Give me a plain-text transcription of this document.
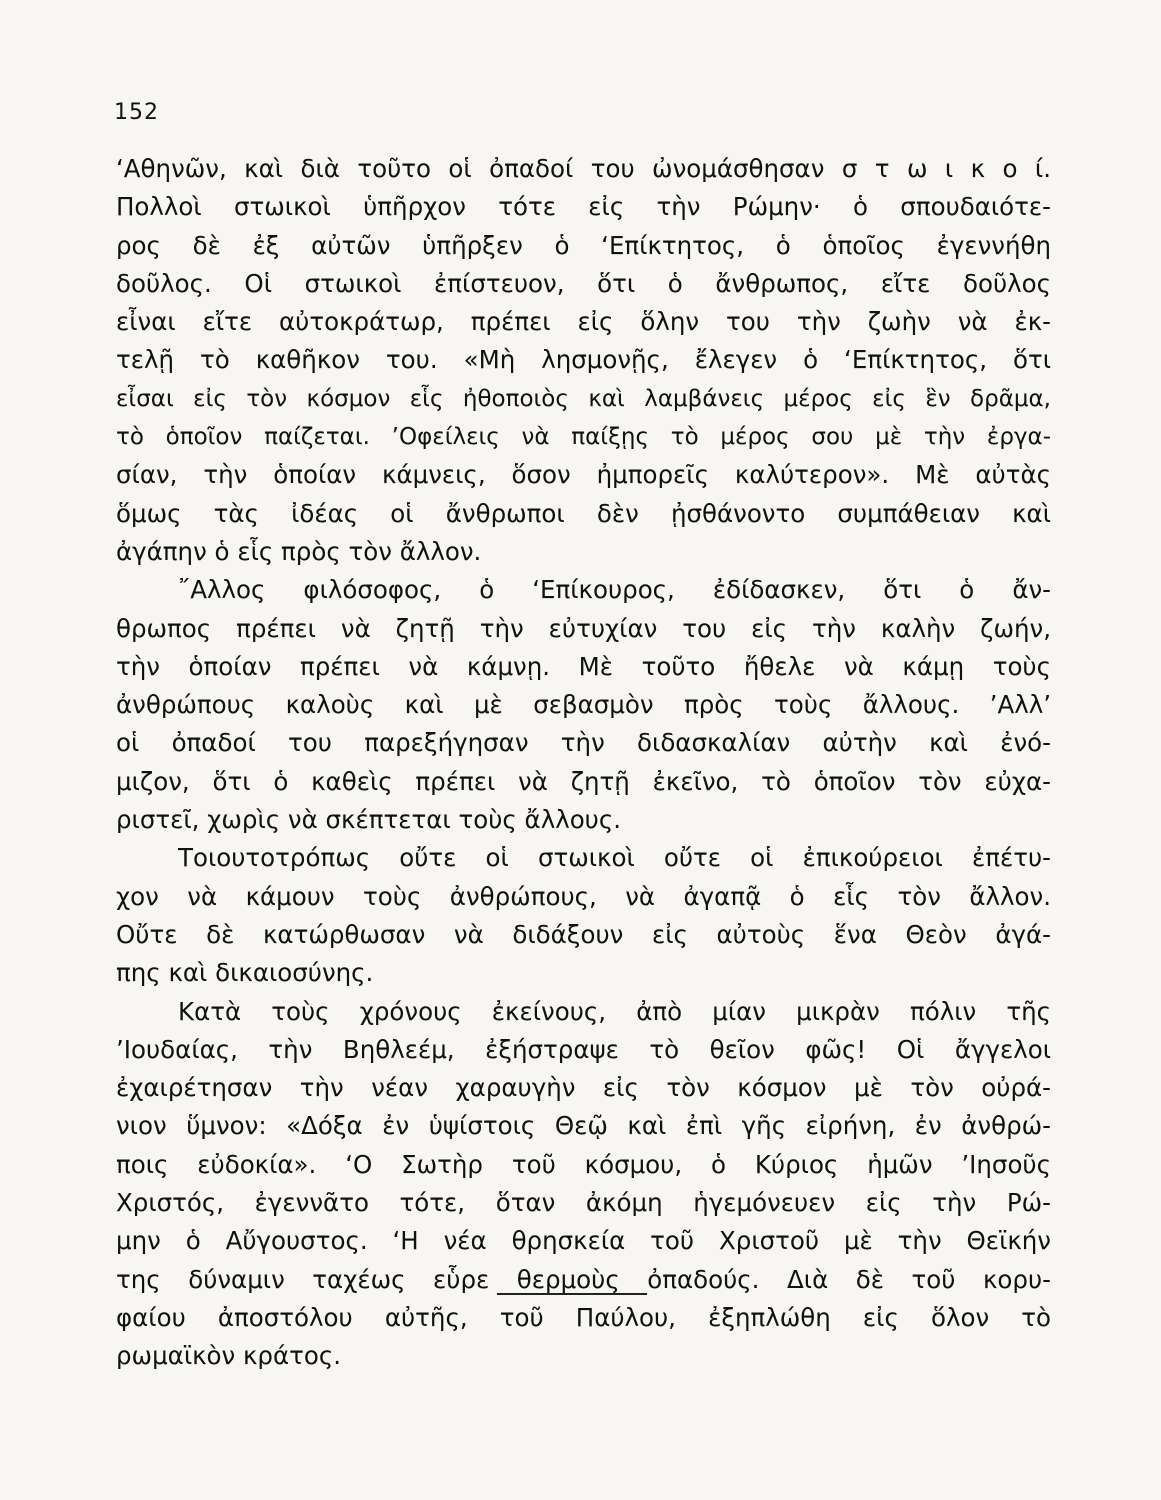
152
‘Αθηνῶν, καὶ διὰ τοῦτο οἱ ὀπαδοί του ὠνομάσθησαν σ τ ω ι κ ο ί.
Πολλοὶ στωικοὶ ὑπῆρχον τότε εἰς τὴν Ρώμην· ὁ σπουδαιότε-
ρος δὲ ἐξ αὐτῶν ὑπῆρξεν ὁ ‘Επίκτητος, ὁ ὁποῖος ἐγεννήθη
δοῦλος. Οἱ στωικοὶ ἐπίστευον, ὅτι ὁ ἄνθρωπος, εἴτε δοῦλος
εἶναι εἴτε αὐτοκράτωρ, πρέπει εἰς ὅλην του τὴν ζωὴν νὰ ἐκ-
τελῇ τὸ καθῆκον του. «Μὴ λησμονῇς, ἔλεγεν ὁ ‘Επίκτητος, ὅτι
εἶσαι εἰς τὸν κόσμον εἷς ἠθοποιὸς καὶ λαμβάνεις μέρος εἰς ἓν δρᾶμα,
τὸ ὁποῖον παίζεται. ’Οφείλεις νὰ παίξῃς τὸ μέρος σου μὲ τὴν ἐργα-
σίαν, τὴν ὁποίαν κάμνεις, ὅσον ἠμπορεῖς καλύτερον». Μὲ αὐτὰς
ὅμως τὰς ἰδέας οἱ ἄνθρωποι δὲν ᾐσθάνοντο συμπάθειαν καὶ
ἀγάπην ὁ εἷς πρὸς τὸν ἄλλον.
῎Αλλος φιλόσοφος, ὁ ‘Επίκουρος, ἐδίδασκεν, ὅτι ὁ ἄν-
θρωπος πρέπει νὰ ζητῇ τὴν εὐτυχίαν του εἰς τὴν καλὴν ζωήν,
τὴν ὁποίαν πρέπει νὰ κάμνῃ. Μὲ τοῦτο ἤθελε νὰ κάμῃ τοὺς
ἀνθρώπους καλοὺς καὶ μὲ σεβασμὸν πρὸς τοὺς ἄλλους. ’Αλλ’
οἱ ὀπαδοί του παρεξήγησαν τὴν διδασκαλίαν αὐτὴν καὶ ἐνό-
μιζον, ὅτι ὁ καθεὶς πρέπει νὰ ζητῇ ἐκεῖνο, τὸ ὁποῖον τὸν εὐχα-
ριστεῖ, χωρὶς νὰ σκέπτεται τοὺς ἄλλους.
Τοιουτοτρόπως οὔτε οἱ στωικοὶ οὔτε οἱ ἐπικούρειοι ἐπέτυ-
χον νὰ κάμουν τοὺς ἀνθρώπους, νὰ ἀγαπᾷ ὁ εἷς τὸν ἄλλον.
Οὔτε δὲ κατώρθωσαν νὰ διδάξουν εἰς αὐτοὺς ἕνα Θεὸν ἀγά-
πης καὶ δικαιοσύνης.
Κατὰ τοὺς χρόνους ἐκείνους, ἀπὸ μίαν μικρὰν πόλιν τῆς
’Ιουδαίας, τὴν Βηθλεέμ, ἐξήστραψε τὸ θεῖον φῶς! Οἱ ἄγγελοι
ἐχαιρέτησαν τὴν νέαν χαραυγὴν εἰς τὸν κόσμον μὲ τὸν οὐρά-
νιον ὕμνον: «Δόξα ἐν ὑψίστοις Θεῷ καὶ ἐπὶ γῆς εἰρήνη, ἐν ἀνθρώ-
ποις εὐδοκία». ‘Ο Σωτὴρ τοῦ κόσμου, ὁ Κύριος ἡμῶν ’Ιησοῦς
Χριστός, ἐγεννᾶτο τότε, ὅταν ἀκόμη ἡγεμόνευεν εἰς τὴν Ρώ-
μην ὁ Αὔγουστος. ‘Η νέα θρησκεία τοῦ Χριστοῦ μὲ τὴν Θεϊκήν
της δύναμιν ταχέως εὗρε θερμοὺς ὀπαδούς. Διὰ δὲ τοῦ κορυ-
φαίου ἀποστόλου αὐτῆς, τοῦ Παύλου, ἐξηπλώθη εἰς ὅλον τὸ
ρωμαϊκὸν κράτος.
